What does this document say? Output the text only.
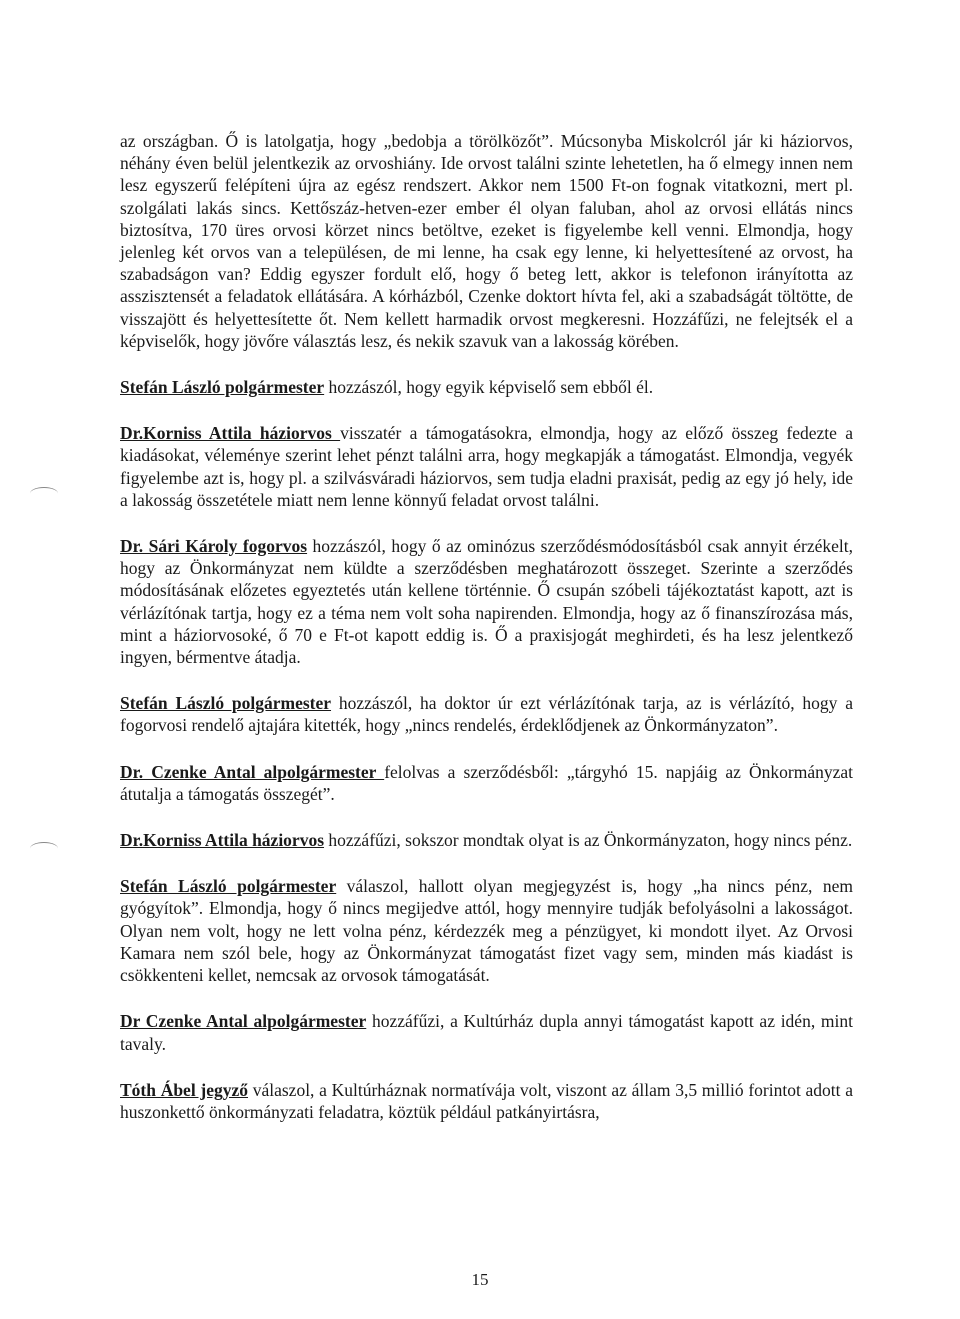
az országban. Ő is latolgatja, hogy „bedobja a törölközőt”. Múcsonyba Miskolcról jár ki háziorvos, néhány éven belül jelentkezik az orvoshiány. Ide orvost találni szinte lehetetlen, ha ő elmegy innen nem lesz egyszerű felépíteni újra az egész rendszert. Akkor nem 1500 Ft-on fognak vitatkozni, mert pl. szolgálati lakás sincs. Kettőszáz-hetven-ezer ember él olyan faluban, ahol az orvosi ellátás nincs biztosítva, 170 üres orvosi körzet nincs betöltve, ezeket is figyelembe kell venni. Elmondja, hogy jelenleg két orvos van a településen, de mi lenne, ha csak egy lenne, ki helyettesítené az orvost, ha szabadságon van? Eddig egyszer fordult elő, hogy ő beteg lett, akkor is telefonon irányította az asszisztensét a feladatok ellátására. A kórházból, Czenke doktort hívta fel, aki a szabadságát töltötte, de visszajött és helyettesítette őt. Nem kellett harmadik orvost megkeresni. Hozzáfűzi, ne felejtsék el a képviselők, hogy jövőre választás lesz, és nekik szavuk van a lakosság körében.

Stefán László polgármester hozzászól, hogy egyik képviselő sem ebből él.

Dr.Korniss Attila háziorvos visszatér a támogatásokra, elmondja, hogy az előző összeg fedezte a kiadásokat, véleménye szerint lehet pénzt találni arra, hogy megkapják a támogatást. Elmondja, vegyék figyelembe azt is, hogy pl. a szilvásváradi háziorvos, sem tudja eladni praxisát, pedig az egy jó hely, ide a lakosság összetétele miatt nem lenne könnyű feladat orvost találni.

Dr. Sári Károly fogorvos hozzászól, hogy ő az ominózus szerződésmódosításból csak annyit érzékelt, hogy az Önkormányzat nem küldte a szerződésben meghatározott összeget. Szerinte a szerződés módosításának előzetes egyeztetés után kellene történnie. Ő csupán szóbeli tájékoztatást kapott, azt is vérlázítónak tartja, hogy ez a téma nem volt soha napirenden. Elmondja, hogy az ő finanszírozása más, mint a háziorvosoké, ő 70 e Ft-ot kapott eddig is. Ő a praxisjogát meghirdeti, és ha lesz jelentkező ingyen, bérmentve átadja.

Stefán László polgármester hozzászól, ha doktor úr ezt vérlázítónak tarja, az is vérlázító, hogy a fogorvosi rendelő ajtajára kitették, hogy „nincs rendelés, érdeklődjenek az Önkormányzaton”.

Dr. Czenke Antal alpolgármester felolvas a szerződésből: „tárgyhó 15. napjáig az Önkormányzat átutalja a támogatás összegét”.

Dr.Korniss Attila háziorvos hozzáfűzi, sokszor mondtak olyat is az Önkormányzaton, hogy nincs pénz.

Stefán László polgármester válaszol, hallott olyan megjegyzést is, hogy „ha nincs pénz, nem gyógyítok”. Elmondja, hogy ő nincs megijedve attól, hogy mennyire tudják befolyásolni a lakosságot. Olyan nem volt, hogy ne lett volna pénz, kérdezzék meg a pénzügyet, ki mondott ilyet. Az Orvosi Kamara nem szól bele, hogy az Önkormányzat támogatást fizet vagy sem, minden más kiadást is csökkenteni kellet, nemcsak az orvosok támogatását.

Dr Czenke Antal alpolgármester hozzáfűzi, a Kultúrház dupla annyi támogatást kapott az idén, mint tavaly.

Tóth Ábel jegyző válaszol, a Kultúrháznak normatívája volt, viszont az állam 3,5 millió forintot adott a huszonkettő önkormányzati feladatra, köztük például patkányirtásra,

15
